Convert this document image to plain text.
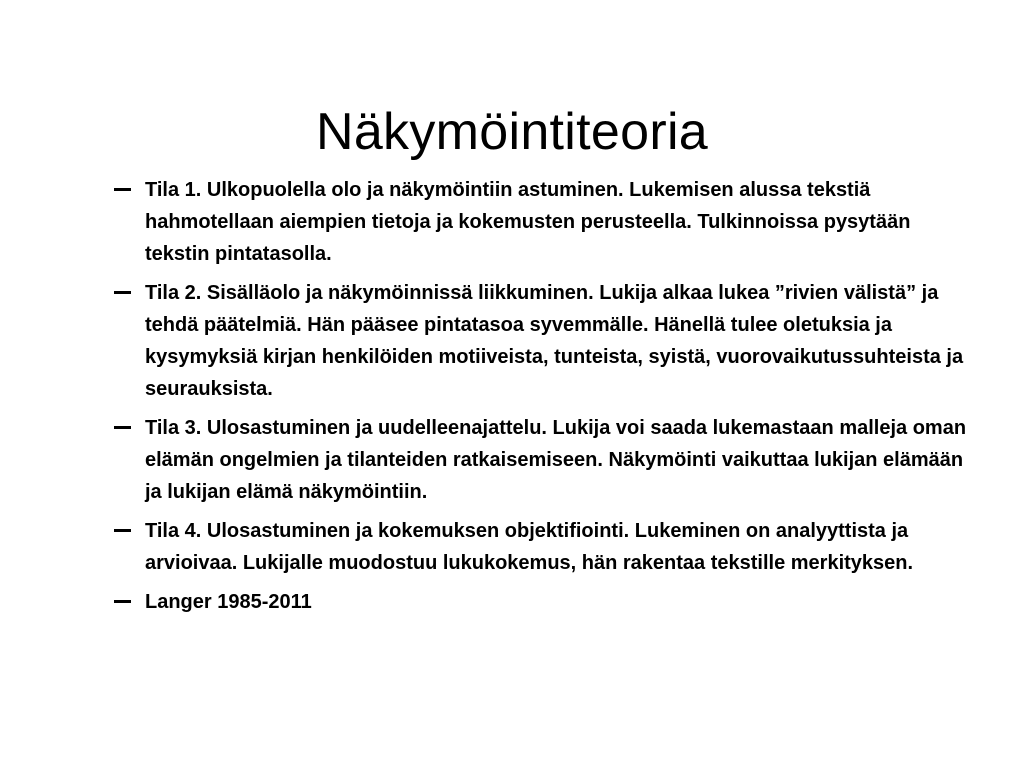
Näkymöintiteoria
Tila 1. Ulkopuolella olo ja näkymöintiin astuminen. Lukemisen alussa tekstiä hahmotellaan aiempien tietoja ja kokemusten perusteella. Tulkinnoissa pysytään tekstin pintatasolla.
Tila 2. Sisälläolo ja näkymöinnissä liikkuminen. Lukija alkaa lukea ”rivien välistä” ja tehdä päätelmiä. Hän pääsee pintatasoa syvemmälle. Hänellä tulee oletuksia ja kysymyksiä kirjan henkilöiden motiiveista, tunteista, syistä, vuorovaikutussuhteista ja seurauksista.
Tila 3. Ulosastuminen ja uudelleenajattelu. Lukija voi saada lukemastaan malleja oman elämän ongelmien ja tilanteiden ratkaisemiseen. Näkymöinti vaikuttaa lukijan elämään ja lukijan elämä näkymöintiin.
Tila 4. Ulosastuminen ja kokemuksen objektifiointi. Lukeminen on analyyttista ja arvioivaa. Lukijalle muodostuu lukukokemus, hän rakentaa tekstille merkityksen.
Langer 1985-2011
